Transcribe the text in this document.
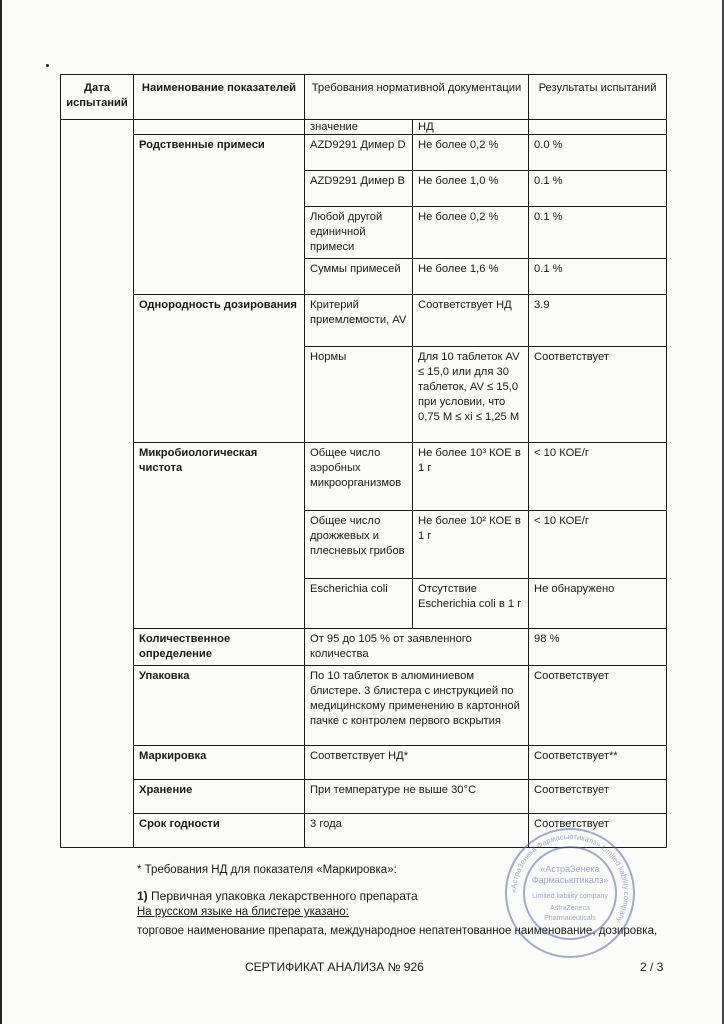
Дата испытаний	Наименование показателей	Требования нормативной документации		Результаты испытаний
		значение	НД	
	Родственные примеси	AZD9291 Димер D	Не более 0,2 %	0.0 %
		AZD9291 Димер B	Не более 1,0 %	0.1 %
		Любой другой единичной примеси	Не более 0,2 %	0.1 %
		Суммы примесей	Не более 1,6 %	0.1 %
	Однородность дозирования	Критерий приемлемости, AV	Соответствует НД	3.9
		Нормы	Для 10 таблеток AV ≤ 15,0 или для 30 таблеток, AV ≤ 15,0 при условии, что 0,75 M ≤ xi ≤ 1,25 M	Соответствует
	Микробиологическая чистота	Общее число аэробных микроорганизмов	Не более 10³ КОЕ в 1 г	< 10 КОЕ/г
		Общее число дрожжевых и плесневых грибов	Не более 10² КОЕ в 1 г	< 10 КОЕ/г
		Escherichia coli	Отсутствие Escherichia coli в 1 г	Не обнаружено
	Количественное определение	От 95 до 105 % от заявленного количества		98 %
	Упаковка	По 10 таблеток в алюминиевом блистере. 3 блистера с инструкцией по медицинскому применению в картонной пачке с контролем первого вскрытия		Соответствует
	Маркировка	Соответствует НД*		Соответствует**
	Хранение	При температуре не выше 30°С		Соответствует
	Срок годности	3 года		Соответствует
* Требования НД для показателя «Маркировка»:
1) Первичная упаковка лекарственного препарата
На русском языке на блистере указано:
торговое наименование препарата, международное непатентованное наименование, дозировка,
«АстраЗенека Фармасьютикалз» Limited liability company
«АстраЗенека
Фармасьютикалз»
Limited liability company
AstraZeneca
Pharmaceuticals
СЕРТИФИКАТ АНАЛИЗА № 926	2 / 3
